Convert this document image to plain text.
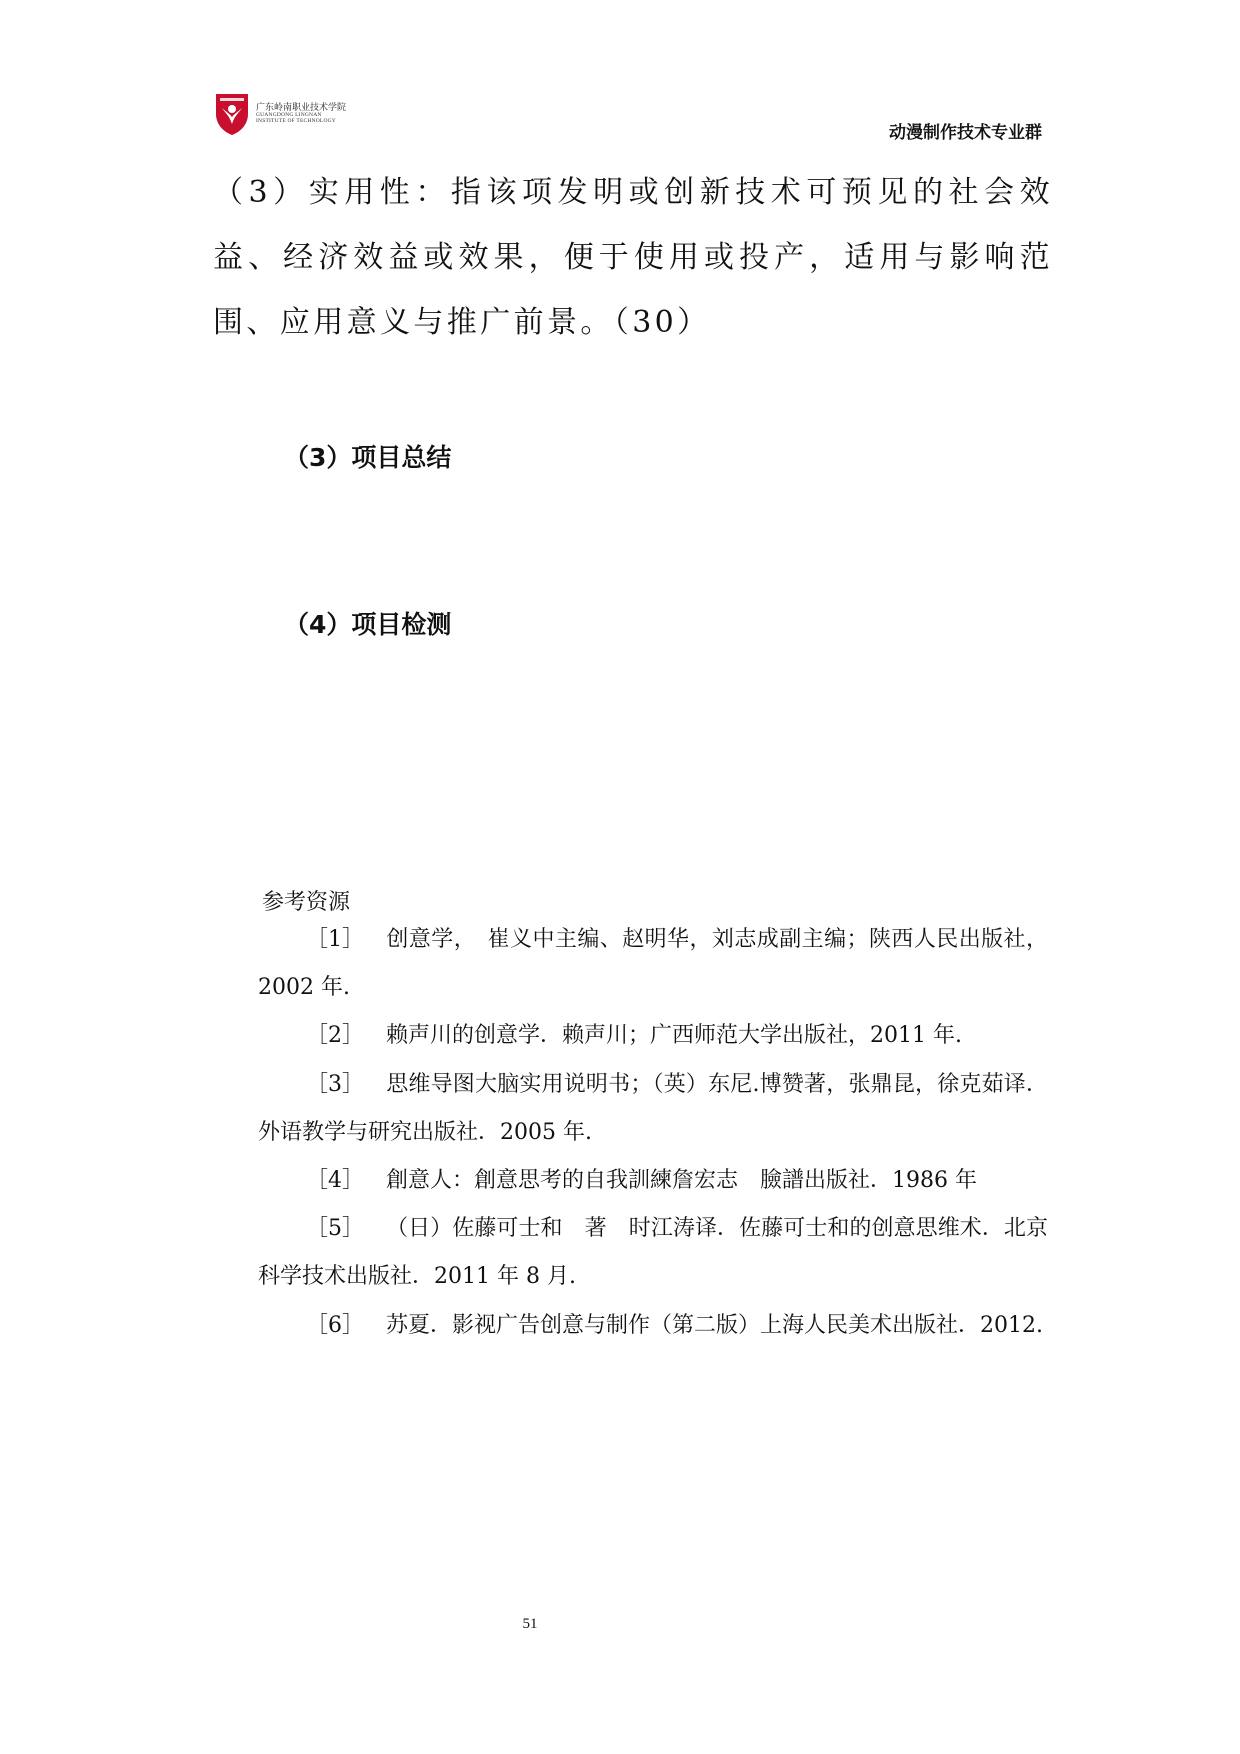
广东岭南职业技术学院
GUANGDONG LINGNAN
INSTITUTE OF TECHNOLOGY
动漫制作技术专业群
（3）实用性：指该项发明或创新技术可预见的社会效益、经济效益或效果，便于使用或投产，适用与影响范围、应用意义与推广前景。（30）
（3）项目总结
（4）项目检测
参考资源
［1］ 创意学，　崔义中主编、赵明华，刘志成副主编；陕西人民出版社，2002 年.
［2］ 赖声川的创意学．赖声川；广西师范大学出版社，2011 年.
［3］ 思维导图大脑实用说明书；（英）东尼.博赞著，张鼎昆，徐克茹译．外语教学与研究出版社．2005 年.
［4］ 創意人：創意思考的自我訓練詹宏志　臉譜出版社．1986 年
［5］ （日）佐藤可士和　著　时江涛译．佐藤可士和的创意思维术．北京科学技术出版社．2011 年 8 月.
［6］ 苏夏．影视广告创意与制作（第二版）上海人民美术出版社．2012.
51
